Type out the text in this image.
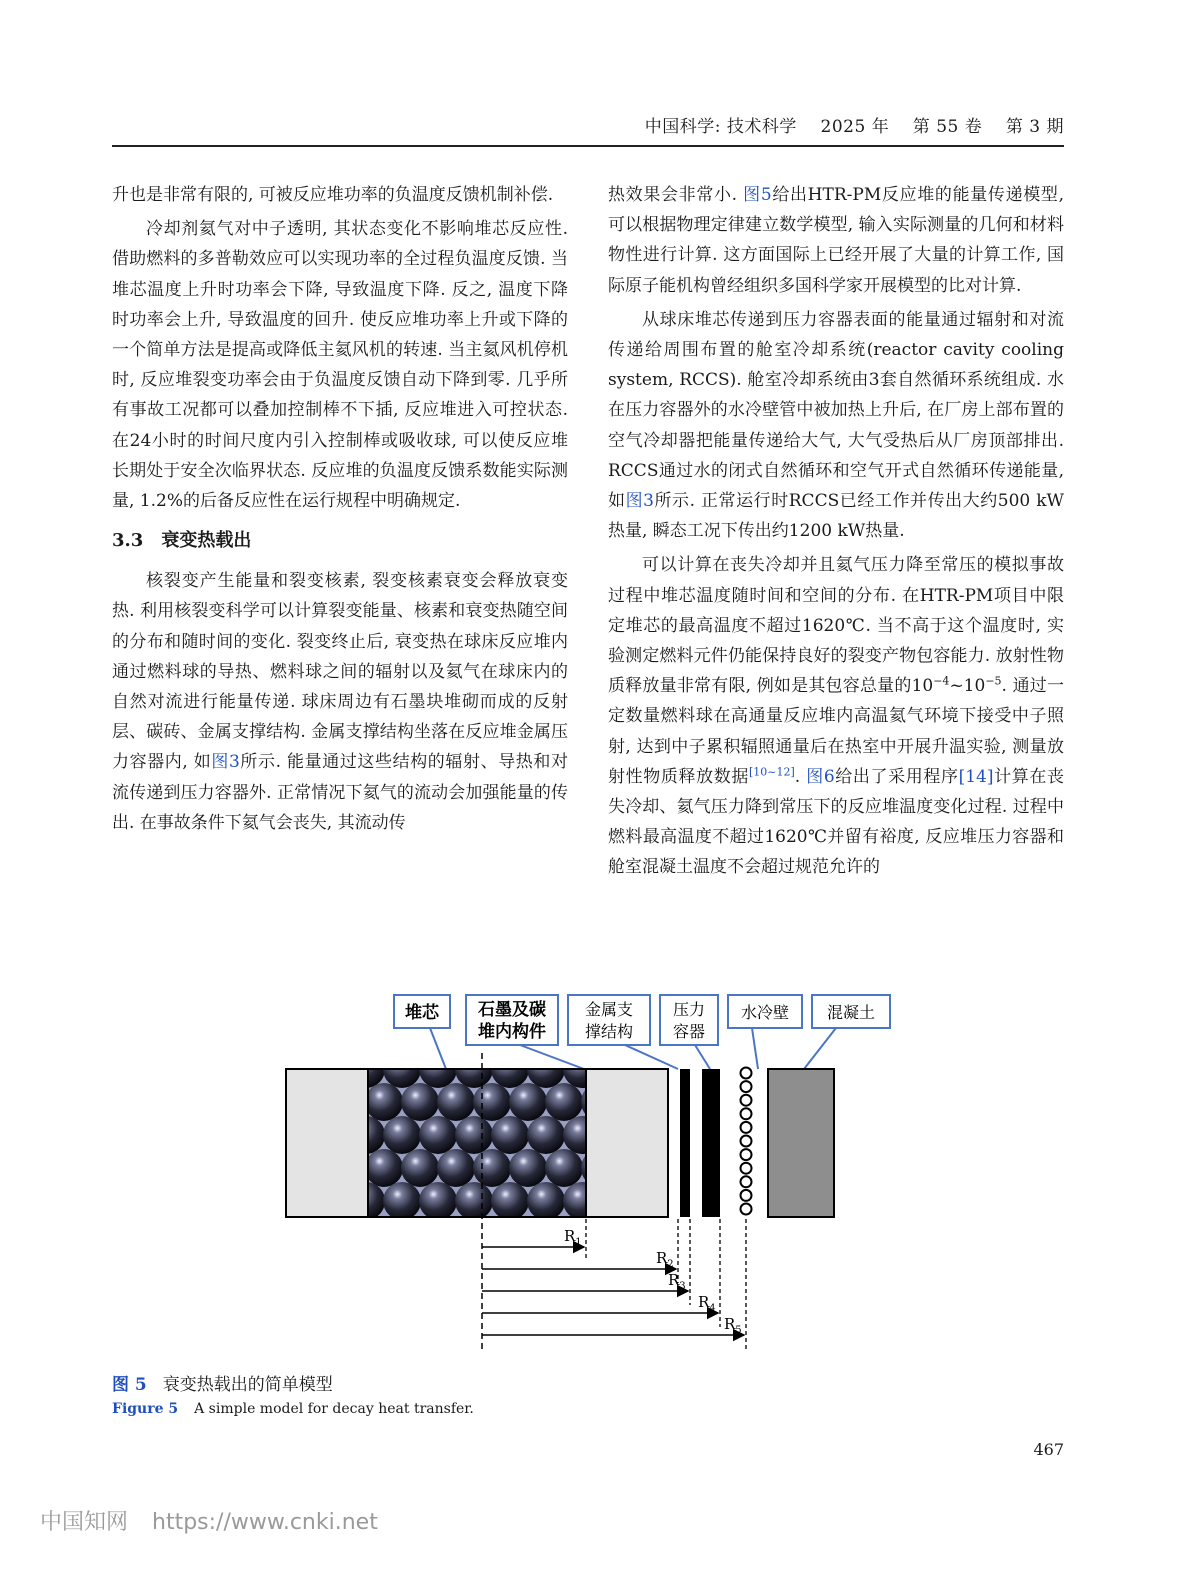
中国科学: 技术科学    2025 年    第 55 卷    第 3 期

升也是非常有限的, 可被反应堆功率的负温度反馈机制补偿.

冷却剂氦气对中子透明, 其状态变化不影响堆芯反应性. 借助燃料的多普勒效应可以实现功率的全过程负温度反馈. 当堆芯温度上升时功率会下降, 导致温度下降. 反之, 温度下降时功率会上升, 导致温度的回升. 使反应堆功率上升或下降的一个简单方法是提高或降低主氦风机的转速. 当主氦风机停机时, 反应堆裂变功率会由于负温度反馈自动下降到零. 几乎所有事故工况都可以叠加控制棒不下插, 反应堆进入可控状态. 在24小时的时间尺度内引入控制棒或吸收球, 可以使反应堆长期处于安全次临界状态. 反应堆的负温度反馈系数能实际测量, 1.2%的后备反应性在运行规程中明确规定.

3.3 衰变热载出

核裂变产生能量和裂变核素, 裂变核素衰变会释放衰变热. 利用核裂变科学可以计算裂变能量、核素和衰变热随空间的分布和随时间的变化. 裂变终止后, 衰变热在球床反应堆内通过燃料球的导热、燃料球之间的辐射以及氦气在球床内的自然对流进行能量传递. 球床周边有石墨块堆砌而成的反射层、碳砖、金属支撑结构. 金属支撑结构坐落在反应堆金属压力容器内, 如图3所示. 能量通过这些结构的辐射、导热和对流传递到压力容器外. 正常情况下氦气的流动会加强能量的传出. 在事故条件下氦气会丧失, 其流动传

热效果会非常小. 图5给出HTR-PM反应堆的能量传递模型, 可以根据物理定律建立数学模型, 输入实际测量的几何和材料物性进行计算. 这方面国际上已经开展了大量的计算工作, 国际原子能机构曾经组织多国科学家开展模型的比对计算.

从球床堆芯传递到压力容器表面的能量通过辐射和对流传递给周围布置的舱室冷却系统(reactor cavity cooling system, RCCS). 舱室冷却系统由3套自然循环系统组成. 水在压力容器外的水冷壁管中被加热上升后, 在厂房上部布置的空气冷却器把能量传递给大气, 大气受热后从厂房顶部排出. RCCS通过水的闭式自然循环和空气开式自然循环传递能量, 如图3所示. 正常运行时RCCS已经工作并传出大约500 kW热量, 瞬态工况下传出约1200 kW热量.

可以计算在丧失冷却并且氦气压力降至常压的模拟事故过程中堆芯温度随时间和空间的分布. 在HTR-PM项目中限定堆芯的最高温度不超过1620℃. 当不高于这个温度时, 实验测定燃料元件仍能保持良好的裂变产物包容能力. 放射性物质释放量非常有限, 例如是其包容总量的$10^{-4}\sim 10^{-5}$. 通过一定数量燃料球在高通量反应堆内高温氦气环境下接受中子照射, 达到中子累积辐照通量后在热室中开展升温实验, 测量放射性物质释放数据[10~12]. 图6给出了采用程序[14]计算在丧失冷却、氦气压力降到常压下的反应堆温度变化过程. 过程中燃料最高温度不超过1620℃并留有裕度, 反应堆压力容器和舱室混凝土温度不会超过规范允许的

堆芯 石墨及碳
堆内构件
金属支
撑结构
压力
容器
水冷壁 混凝土
$R_1$
$R_2$
$R_3$
$R_4$
$R_5$
图 5 衰变热载出的简单模型
Figure 5 A simple model for decay heat transfer.
467
中国知网 https://www.cnki.net
